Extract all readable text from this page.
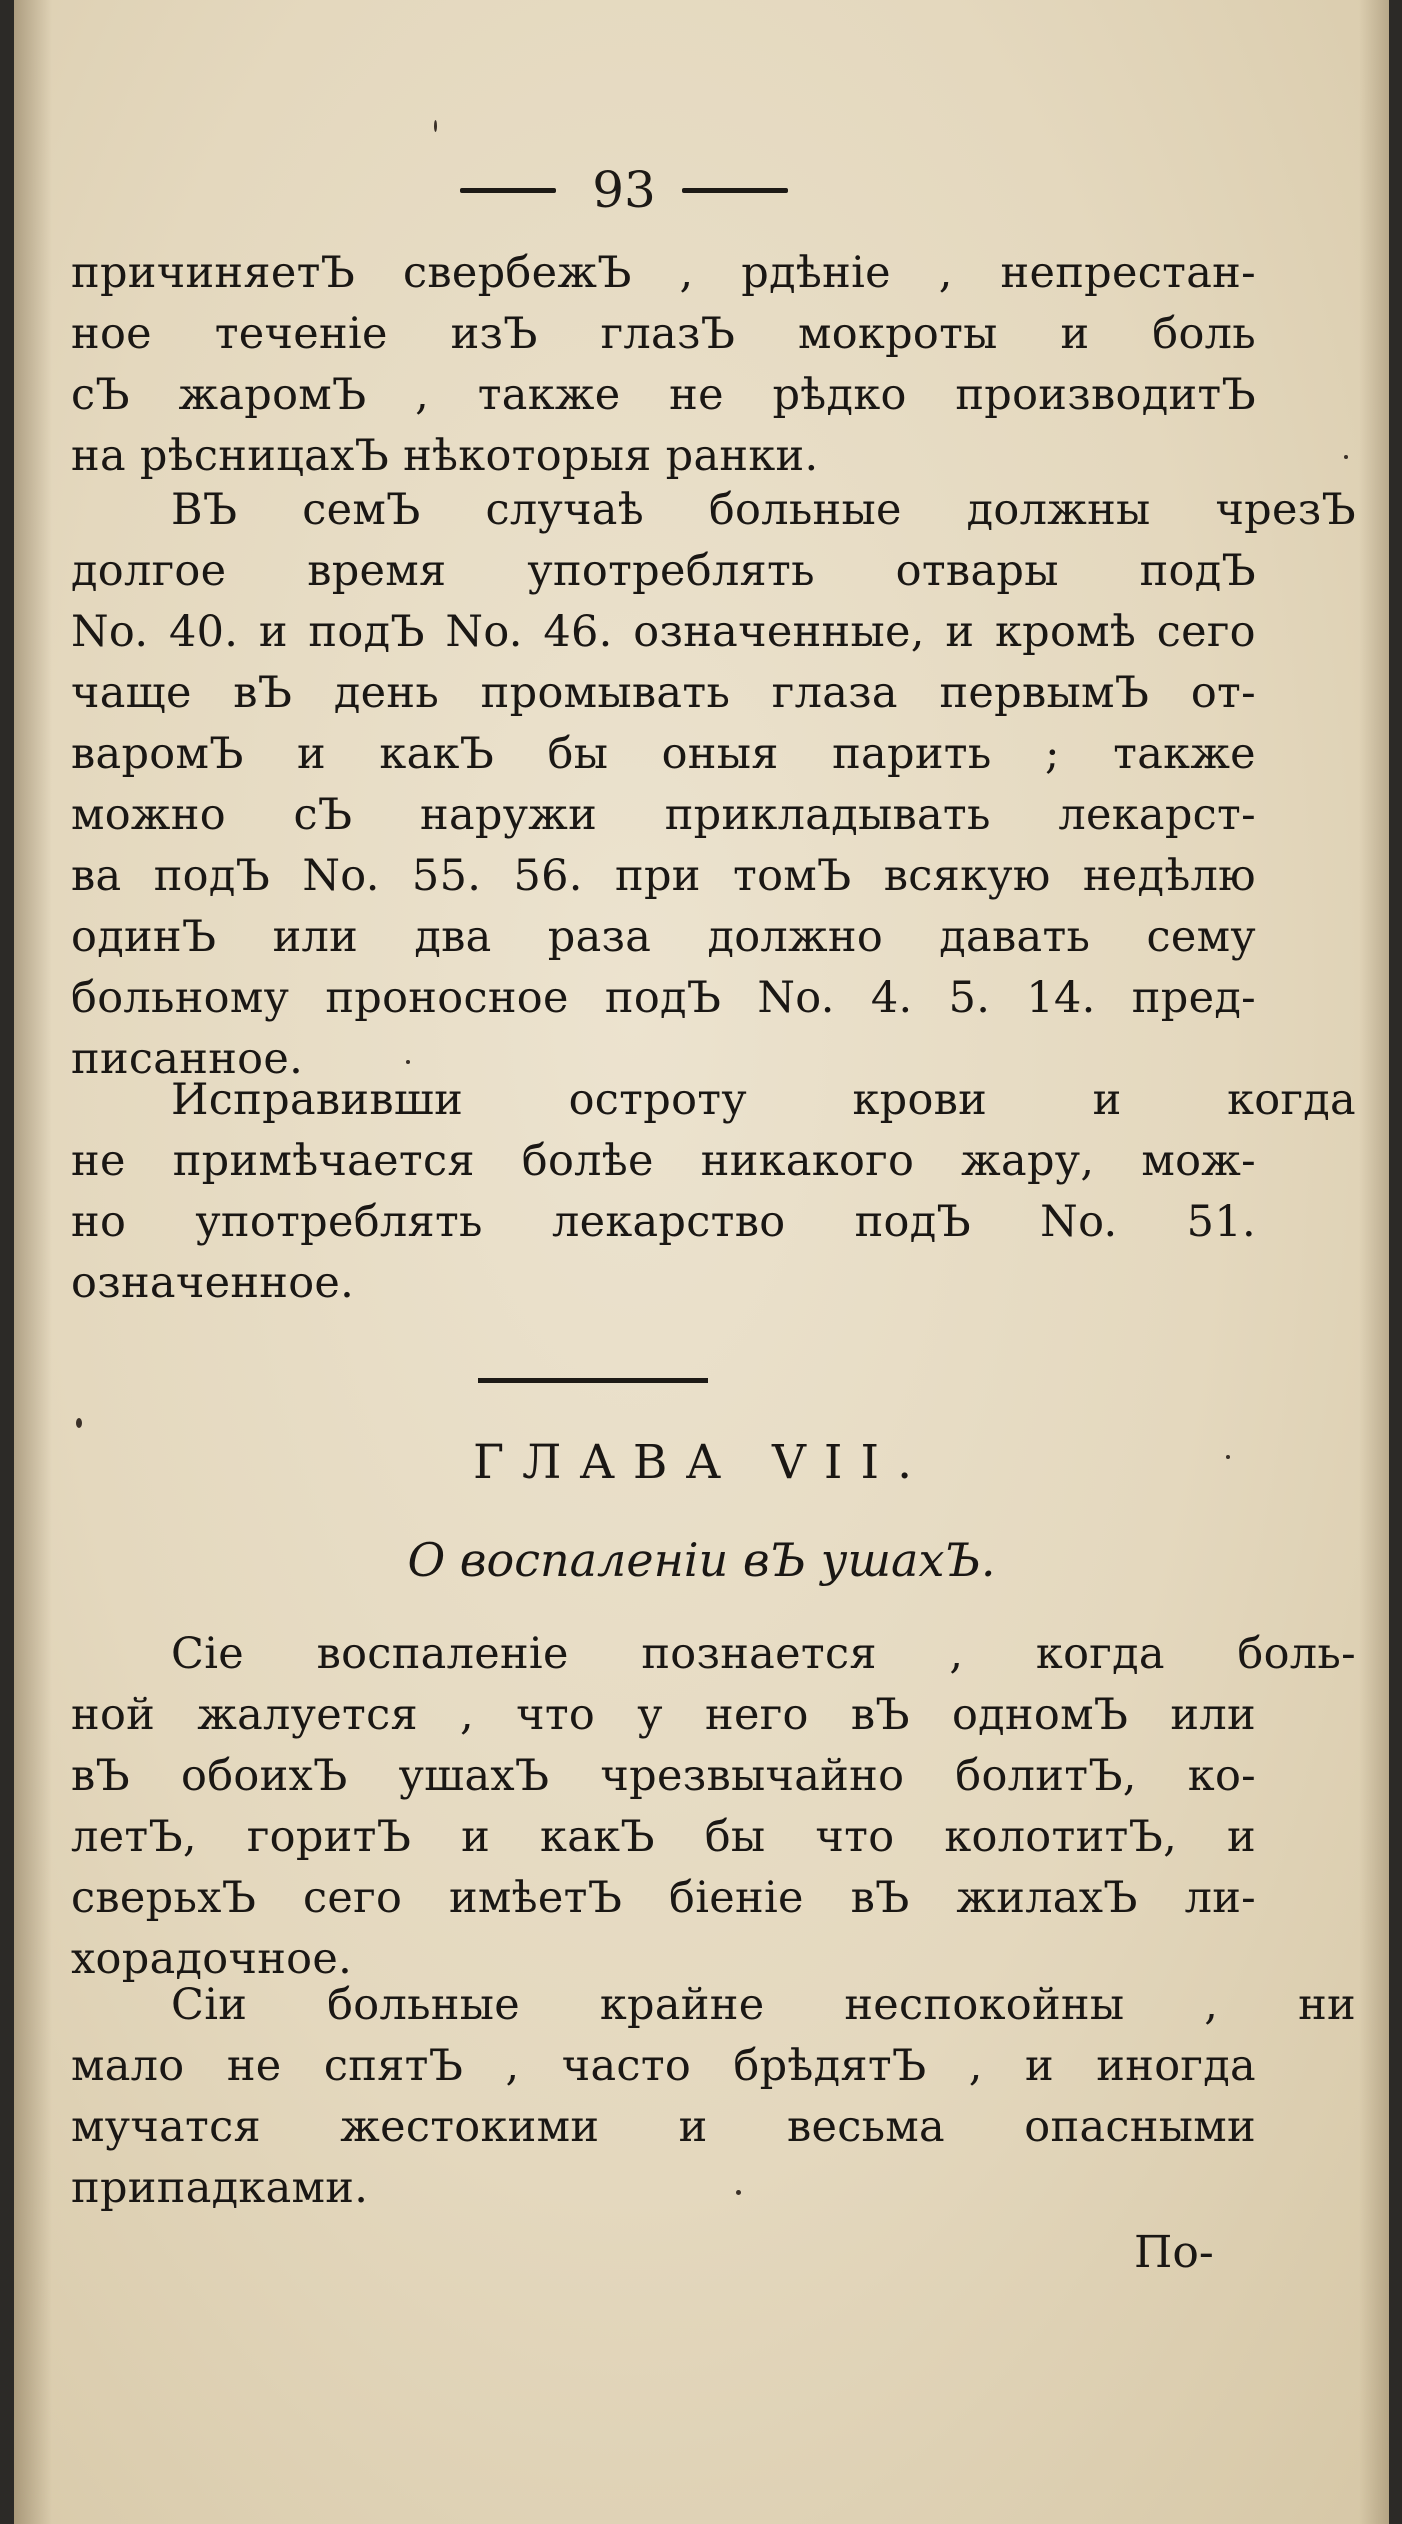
93
причиняетЪ свербежЪ , рдѣніе , непрестан-
ное теченіе изЪ глазЪ мокроты и боль
сЪ жаромЪ , также не рѣдко производитЪ
на рѣсницахЪ нѣкоторыя ранки.
ВЪ семЪ случаѣ больные должны чрезЪ
долгое время употреблять отвары подЪ
No. 40. и подЪ No. 46. означенные, и кромѣ сего
чаще вЪ день промывать глаза первымЪ от-
варомЪ и какЪ бы оныя парить ; также
можно сЪ наружи прикладывать лекарст-
ва подЪ No. 55. 56. при томЪ всякую недѣлю
одинЪ или два раза должно давать сему
больному проносное подЪ No. 4. 5. 14. пред-
писанное.
Исправивши остроту крови и когда
не примѣчается болѣе никакого жару, мож-
но употреблять лекарство подЪ No. 51.
означенное.
ГЛАВА VII.
О воспаленіи вЪ ушахЪ.
Сіе воспаленіе познается , когда боль-
ной жалуется , что у него вЪ одномЪ или
вЪ обоихЪ ушахЪ чрезвычайно болитЪ, ко-
летЪ, горитЪ и какЪ бы что колотитЪ, и
сверьхЪ сего имѣетЪ біеніе вЪ жилахЪ ли-
хорадочное.
Сіи больные крайне неспокойны , ни
мало не спятЪ , часто брѣдятЪ , и иногда
мучатся жестокими и весьма опасными
припадками.
По-
